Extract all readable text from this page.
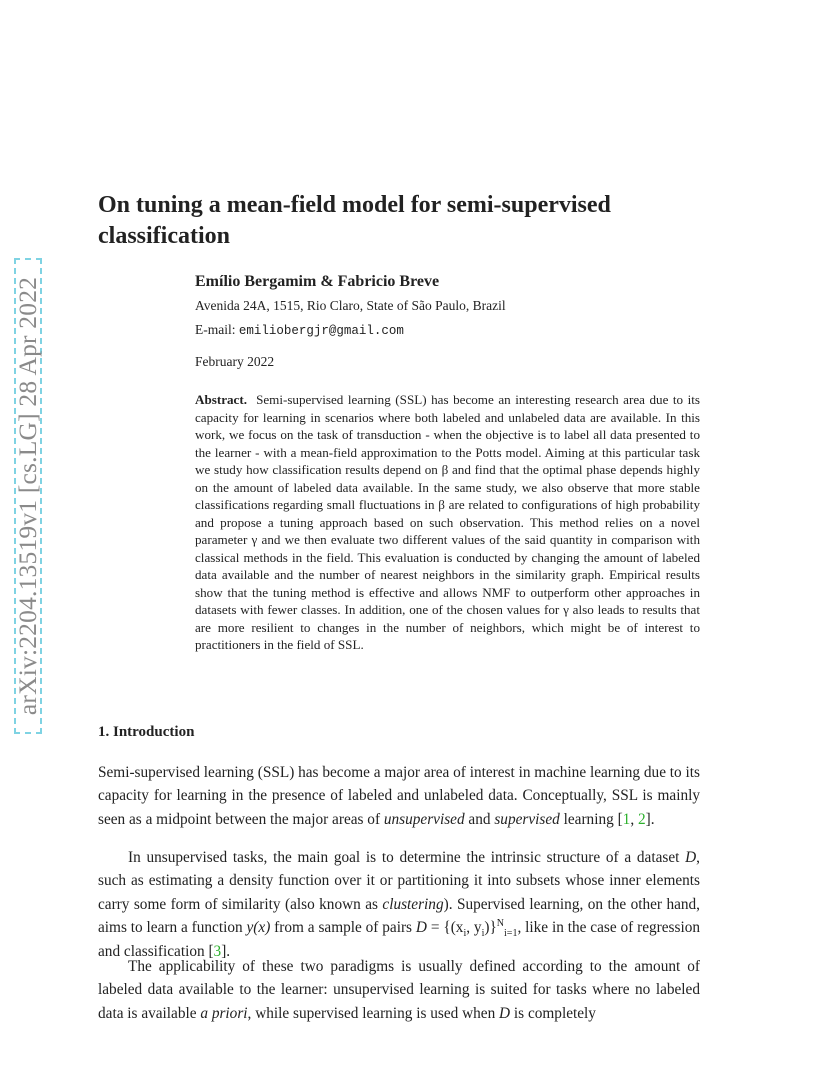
arXiv:2204.13519v1 [cs.LG] 28 Apr 2022
On tuning a mean-field model for semi-supervised classification

Emílio Bergamim & Fabricio Breve

Avenida 24A, 1515, Rio Claro, State of São Paulo, Brazil

E-mail: emiliobergjr@gmail.com

February 2022

Abstract. Semi-supervised learning (SSL) has become an interesting research area due to its capacity for learning in scenarios where both labeled and unlabeled data are available. In this work, we focus on the task of transduction - when the objective is to label all data presented to the learner - with a mean-field approximation to the Potts model. Aiming at this particular task we study how classification results depend on β and find that the optimal phase depends highly on the amount of labeled data available. In the same study, we also observe that more stable classifications regarding small fluctuations in β are related to configurations of high probability and propose a tuning approach based on such observation. This method relies on a novel parameter γ and we then evaluate two different values of the said quantity in comparison with classical methods in the field. This evaluation is conducted by changing the amount of labeled data available and the number of nearest neighbors in the similarity graph. Empirical results show that the tuning method is effective and allows NMF to outperform other approaches in datasets with fewer classes. In addition, one of the chosen values for γ also leads to results that are more resilient to changes in the number of neighbors, which might be of interest to practitioners in the field of SSL.

1. Introduction

Semi-supervised learning (SSL) has become a major area of interest in machine learning due to its capacity for learning in the presence of labeled and unlabeled data. Conceptually, SSL is mainly seen as a midpoint between the major areas of unsupervised and supervised learning [1, 2].

In unsupervised tasks, the main goal is to determine the intrinsic structure of a dataset D, such as estimating a density function over it or partitioning it into subsets whose inner elements carry some form of similarity (also known as clustering). Supervised learning, on the other hand, aims to learn a function y(x) from a sample of pairs $D = \{(x_i$, $y_i)\}^N_{i=1}$, like in the case of regression and classification [3].

The applicability of these two paradigms is usually defined according to the amount of labeled data available to the learner: unsupervised learning is suited for tasks where no labeled data is available a priori, while supervised learning is used when D is completely
